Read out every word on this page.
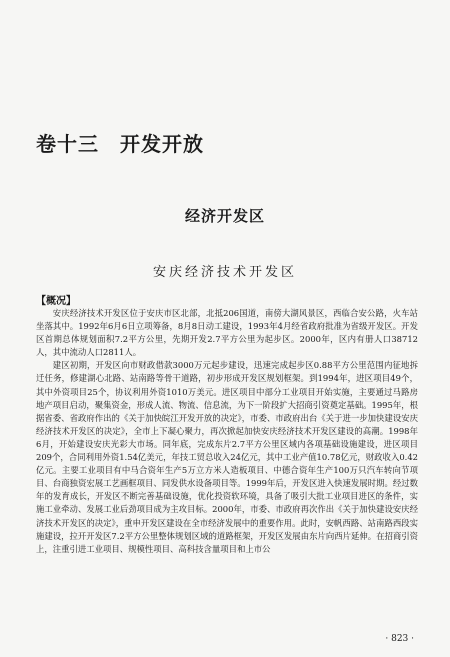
卷十三　开发开放
经济开发区
安庆经济技术开发区
【概况】

安庆经济技术开发区位于安庆市区北部，北抵206国道，南傍大湖风景区，西临合安公路，火车站坐落其中。1992年6月6日立项筹备，8月8日动工建设，1993年4月经省政府批准为省级开发区。开发区首期总体规划面积7.2平方公里，先期开发2.7平方公里为起步区。2000年，区内有册人口38712人，其中流动人口2811人。

建区初期，开发区向市财政借款3000万元起步建设，迅速完成起步区0.88平方公里范围内征地拆迁任务，修建湖心北路、站南路等骨干道路，初步形成开发区规划框架。到1994年，进区项目49个，其中外资项目25个，协议利用外资1010万美元。进区项目中部分工业项目开始实施，主要通过马路房地产项目启动，聚集资金，形成人流、物流、信息流，为下一阶段扩大招商引资奠定基础。1995年，根据省委、省政府作出的《关于加快皖江开发开放的决定》，市委、市政府出台《关于进一步加快建设安庆经济技术开发区的决定》，全市上下凝心聚力，再次掀起加快安庆经济技术开发区建设的高潮。1998年6月，开始建设安庆光彩大市场。同年底，完成东片2.7平方公里区域内各项基础设施建设，进区项目209个，合同利用外资1.54亿美元，年技工贸总收入24亿元，其中工业产值10.78亿元，财政收入0.42亿元。主要工业项目有中马合资年生产5万立方米人造板项目、中德合资年生产100万只汽车转向节项目、台商独资宏展工艺画框项目、同发供水设备项目等。1999年后，开发区进入快速发展时期。经过数年的发育成长，开发区不断完善基础设施，优化投资软环境，具备了吸引大批工业项目进区的条件，实施工业牵动、发展工业后劲项目成为主攻目标。2000年，市委、市政府再次作出《关于加快建设安庆经济技术开发区的决定》，重申开发区建设在全市经济发展中的重要作用。此时，安帆西路、站南路西段实施建设，拉开开发区7.2平方公里整体规划区域的道路框架，开发区发展由东片向西片延伸。在招商引资上，注重引进工业项目、规模性项目、高科技含量项目和上市公

· 823 ·
